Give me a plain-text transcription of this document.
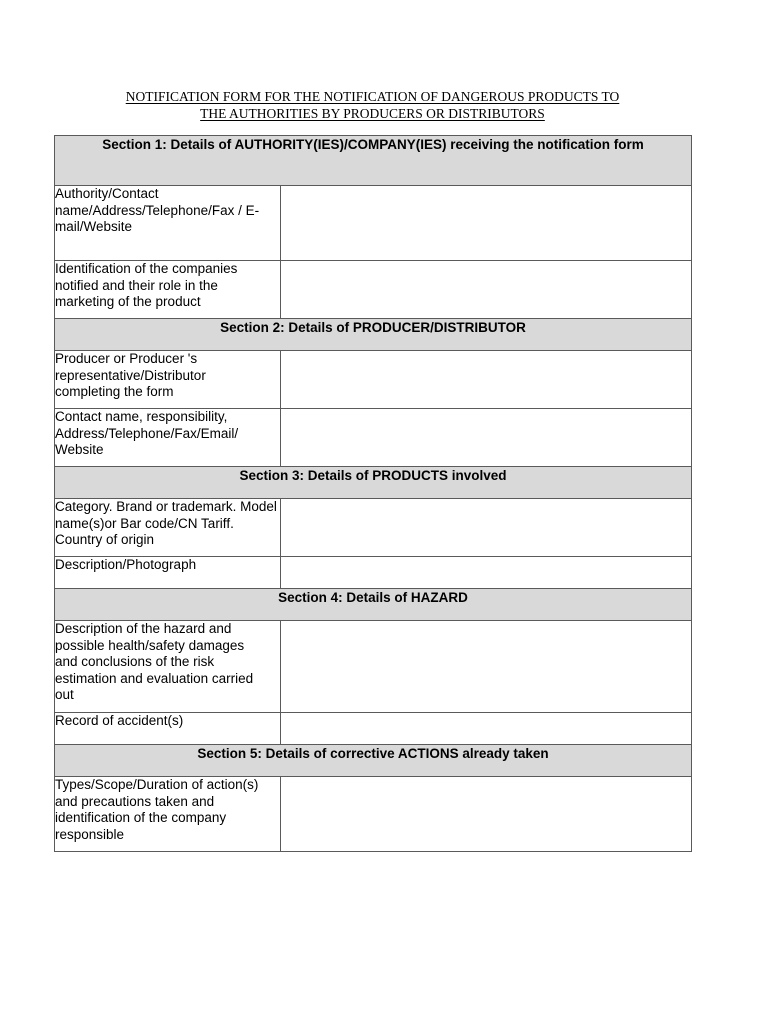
NOTIFICATION FORM FOR THE NOTIFICATION OF DANGEROUS PRODUCTS TO
THE AUTHORITIES BY PRODUCERS OR DISTRIBUTORS
Section 1: Details of AUTHORITY(IES)/COMPANY(IES) receiving the notification form	

Authority/Contact name/Address/Telephone/Fax / E-mail/Website	

Identification of the companies notified and their role in the marketing of the product	
Section 2: Details of PRODUCER/DISTRIBUTOR	

Producer or Producer 's representative/Distributor completing the form	

Contact name, responsibility, Address/Telephone/Fax/Email/ Website	
Section 3: Details of PRODUCTS involved	
Category. Brand or trademark. Model name(s)or Bar code/CN Tariff. Country of origin	
Description/Photograph	
Section 4: Details of HAZARD	

Description of the hazard and possible health/safety damages and conclusions of the risk estimation and evaluation carried out	

Record of accident(s)	
Section 5: Details of corrective ACTIONS already taken	

Types/Scope/Duration of action(s) and precautions taken and identification of the company responsible	
